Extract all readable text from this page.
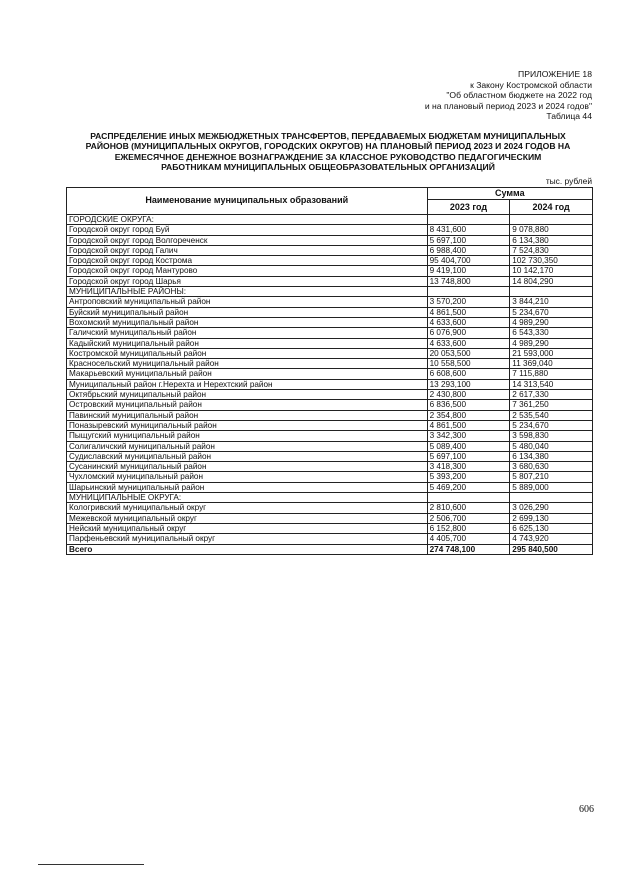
ПРИЛОЖЕНИЕ 18
к Закону Костромской области
"Об областном бюджете на 2022 год
и на плановый период 2023 и 2024 годов"
Таблица 44
РАСПРЕДЕЛЕНИЕ ИНЫХ МЕЖБЮДЖЕТНЫХ ТРАНСФЕРТОВ, ПЕРЕДАВАЕМЫХ БЮДЖЕТАМ МУНИЦИПАЛЬНЫХ
РАЙОНОВ (МУНИЦИПАЛЬНЫХ ОКРУГОВ, ГОРОДСКИХ ОКРУГОВ) НА ПЛАНОВЫЙ ПЕРИОД 2023 И 2024 ГОДОВ НА
ЕЖЕМЕСЯЧНОЕ ДЕНЕЖНОЕ ВОЗНАГРАЖДЕНИЕ ЗА КЛАССНОЕ РУКОВОДСТВО ПЕДАГОГИЧЕСКИМ
РАБОТНИКАМ МУНИЦИПАЛЬНЫХ ОБЩЕОБРАЗОВАТЕЛЬНЫХ ОРГАНИЗАЦИЙ
тыс. рублей
Наименование муниципальных образований	Сумма	
	2023 год	2024 год
ГОРОДСКИЕ ОКРУГА:		
Городской округ город Буй	8 431,600	9 078,880
Городской округ город Волгореченск	5 697,100	6 134,380
Городской округ город Галич	6 988,400	7 524,830
Городской округ город Кострома	95 404,700	102 730,350
Городской округ город Мантурово	9 419,100	10 142,170
Городской округ город Шарья	13 748,800	14 804,290
МУНИЦИПАЛЬНЫЕ РАЙОНЫ:		
Антроповский муниципальный район	3 570,200	3 844,210
Буйский муниципальный район	4 861,500	5 234,670
Вохомский муниципальный район	4 633,600	4 989,290
Галичский муниципальный район	6 076,900	6 543,330
Кадыйский муниципальный район	4 633,600	4 989,290
Костромской муниципальный район	20 053,500	21 593,000
Красносельский муниципальный район	10 558,500	11 369,040
Макарьевский муниципальный район	6 608,600	7 115,880
Муниципальный район г.Нерехта и Нерехтский район	13 293,100	14 313,540
Октябрьский муниципальный район	2 430,800	2 617,330
Островский муниципальный район	6 836,500	7 361,250
Павинский муниципальный район	2 354,800	2 535,540
Поназыревский муниципальный район	4 861,500	5 234,670
Пыщугский муниципальный район	3 342,300	3 598,830
Солигаличский муниципальный район	5 089,400	5 480,040
Судиславский муниципальный район	5 697,100	6 134,380
Сусанинский муниципальный район	3 418,300	3 680,630
Чухломский муниципальный район	5 393,200	5 807,210
Шарьинский муниципальный район	5 469,200	5 889,000
МУНИЦИПАЛЬНЫЕ ОКРУГА:		
Кологривский муниципальный округ	2 810,600	3 026,290
Межевской муниципальный округ	2 506,700	2 699,130
Нейский муниципальный округ	6 152,800	6 625,130
Парфеньевский муниципальный округ	4 405,700	4 743,920
Всего	274 748,100	295 840,500
606
